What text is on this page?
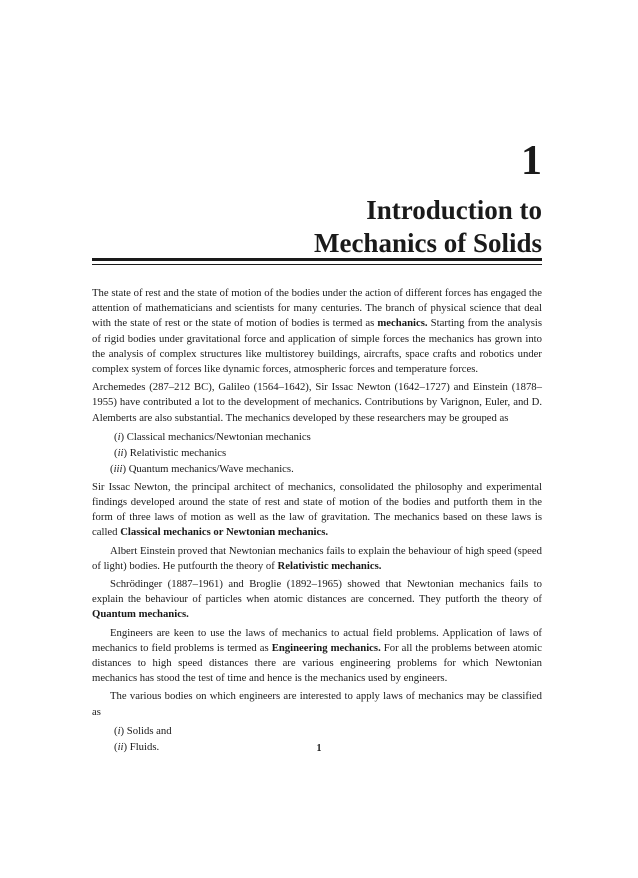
1
Introduction to
Mechanics of Solids

The state of rest and the state of motion of the bodies under the action of different forces has engaged the attention of mathematicians and scientists for many centuries. The branch of physical science that deal with the state of rest or the state of motion of bodies is termed as mechanics. Starting from the analysis of rigid bodies under gravitational force and application of simple forces the mechanics has grown into the analysis of complex structures like multistorey buildings, aircrafts, space crafts and robotics under complex system of forces like dynamic forces, atmospheric forces and temperature forces.

Archemedes (287–212 BC), Galileo (1564–1642), Sir Issac Newton (1642–1727) and Einstein (1878–1955) have contributed a lot to the development of mechanics. Contributions by Varignon, Euler, and D. Alemberts are also substantial. The mechanics developed by these researchers may be grouped as

(i) Classical mechanics/Newtonian mechanics
(ii) Relativistic mechanics
(iii) Quantum mechanics/Wave mechanics.

Sir Issac Newton, the principal architect of mechanics, consolidated the philosophy and experimental findings developed around the state of rest and state of motion of the bodies and putforth them in the form of three laws of motion as well as the law of gravitation. The mechanics based on these laws is called Classical mechanics or Newtonian mechanics.

Albert Einstein proved that Newtonian mechanics fails to explain the behaviour of high speed (speed of light) bodies. He putfourth the theory of Relativistic mechanics.

Schrödinger (1887–1961) and Broglie (1892–1965) showed that Newtonian mechanics fails to explain the behaviour of particles when atomic distances are concerned. They putforth the theory of Quantum mechanics.

Engineers are keen to use the laws of mechanics to actual field problems. Application of laws of mechanics to field problems is termed as Engineering mechanics. For all the problems between atomic distances to high speed distances there are various engineering problems for which Newtonian mechanics has stood the test of time and hence is the mechanics used by engineers.

The various bodies on which engineers are interested to apply laws of mechanics may be classified as

(i) Solids and
(ii) Fluids.	1
